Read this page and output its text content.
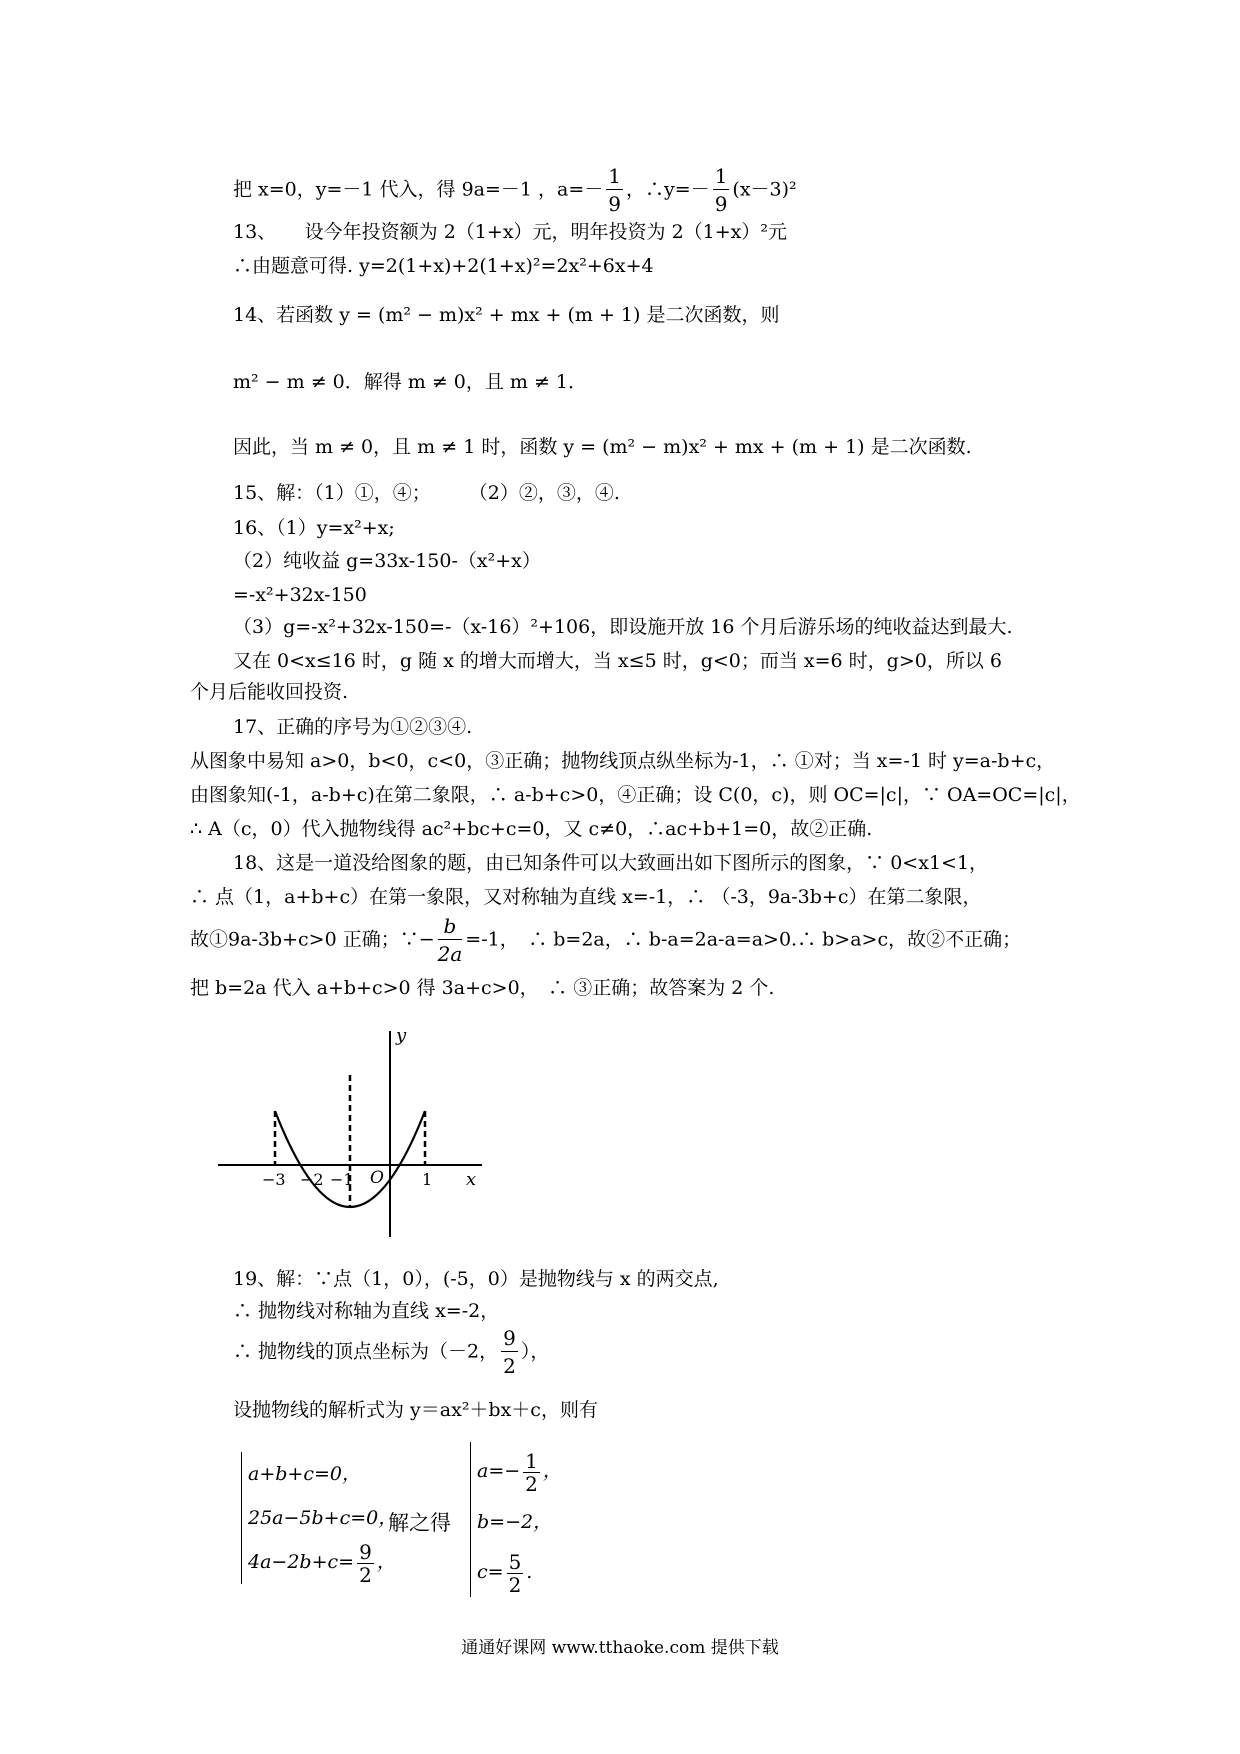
把 x=0，y=－1 代入，得 9a=－1 ，$a=- \frac{1}{9}$ ，∴y=－ $\frac{1}{9} (x-3)^2$
13、　　设今年投资额为 2（1+x）元，明年投资为 2（1+x）²元
∴由题意可得. y=2(1+x)+2(1+x)²=2x²+6x+4
14、若函数 y = (m² − m)x² + mx + (m + 1) 是二次函数，则
m² − m ≠ 0．解得 m ≠ 0，且 m ≠ 1．
因此，当 m ≠ 0，且 m ≠ 1 时，函数 y = (m² − m)x² + mx + (m + 1) 是二次函数.
15、解：（1）①，④；　　　（2）②，③，④.
16、（1）y=x²+x;
（2）纯收益 g=33x-150-（x²+x）
=-x²+32x-150
（3）g=-x²+32x-150=-（x-16）²+106，即设施开放 16 个月后游乐场的纯收益达到最大.
又在 0<x≤16 时，g 随 x 的增大而增大，当 x≤5 时，g<0；而当 x=6 时，g>0，所以 6
个月后能收回投资.
17、正确的序号为①②③④.
从图象中易知 a>0，b<0，c<0，③正确；抛物线顶点纵坐标为-1，∴ ①对；当 x=-1 时 y=a-b+c，
由图象知(-1，a-b+c)在第二象限，∴ a-b+c>0，④正确；设 C(0，c)，则 OC=|c|，∵ OA=OC=|c|，
∴ A（c，0）代入抛物线得 ac²+bc+c=0，又 c≠0，∴ac+b+1=0，故②正确.
18、这是一道没给图象的题，由已知条件可以大致画出如下图所示的图象，∵ 0<x1<1，
∴ 点（1，a+b+c）在第一象限，又对称轴为直线 x=-1，∴ （-3，9a-3b+c）在第二象限，
故①9a-3b+c>0 正确；∵− $\frac{b}{2a} =-1$，　∴ b=2a，∴ b-a=2a-a=a>0.∴ b>a>c，故②不正确；
把 b=2a 代入 a+b+c>0 得 3a+c>0，　∴ ③正确；故答案为 2 个.
y
x
O
−3 −2 −1	1
19、解：∵点（1，0），(-5，0）是抛物线与 x 的两交点,
∴ 抛物线对称轴为直线 x=-2，
∴ 抛物线的顶点坐标为（－2， $\frac{9}{2}$ ），
设抛物线的解析式为 y＝ax²＋bx＋c，则有
a+b+c=0，
25a−5b+c=0，
$4a-2b+c= \frac{9}{2}$ ，
解之得
$a=- \frac{1}{2}$ ，
b=−2，
$c= \frac{5}{2}$ .
通通好课网 www.tthaoke.com 提供下载
